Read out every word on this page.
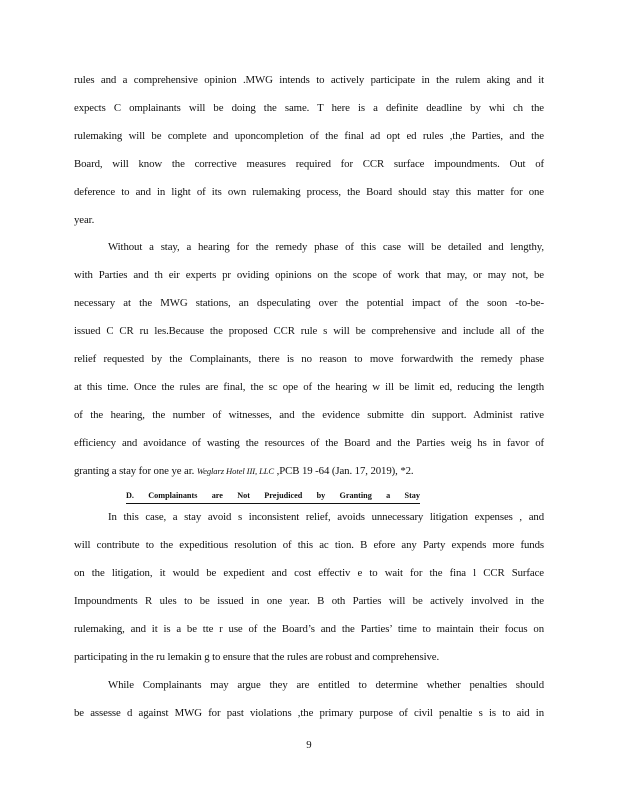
rules and a comprehensive opinion .MWG intends to actively participate in the rulem aking and it
expects C omplainants will be doing the same. T here is a definite deadline by whi ch the
rulemaking will be complete and uponcompletion of the final ad opt ed rules ,the Parties, and the
Board, will know the corrective measures required for CCR surface impoundments. Out of
deference to and in light of its own rulemaking process, the Board should stay this matter for one
year.
Without a stay, a hearing for the remedy phase of this case will be detailed and lengthy,
with Parties and th eir experts pr oviding opinions on the scope of work that may, or may not, be
necessary at the MWG stations, an dspeculating over the potential impact of the soon -to-be-
issued C CR ru les.Because the proposed CCR rule s will be comprehensive and include all of the
relief requested by the Complainants, there is no reason to move forwardwith the remedy phase
at this time. Once the rules are final, the sc ope of the hearing w ill be limit ed, reducing the length
of the hearing, the number of witnesses, and the evidence submitte din support. Administ rative
efficiency and avoidance of wasting the resources of the Board and the Parties weig hs in favor of
granting a stay for one ye ar. Weglarz Hotel III, LLC ,PCB 19 -64 (Jan. 17, 2019), *2.
D. Complainants are Not Prejudiced by Granting a Stay
In this case, a stay avoid s inconsistent relief, avoids unnecessary litigation expenses , and
will contribute to the expeditious resolution of this ac tion. B efore any Party expends more funds
on the litigation, it would be expedient and cost effectiv e to wait for the fina l CCR Surface
Impoundments R ules to be issued in one year. B oth Parties will be actively involved in the
rulemaking, and it is a be tte r use of the Board’s and the Parties’ time to maintain their focus on
participating in the ru lemakin g to ensure that the rules are robust and comprehensive.
While Complainants may argue they are entitled to determine whether penalties should
be assesse d against MWG for past violations ,the primary purpose of civil penaltie s is to aid in
9
